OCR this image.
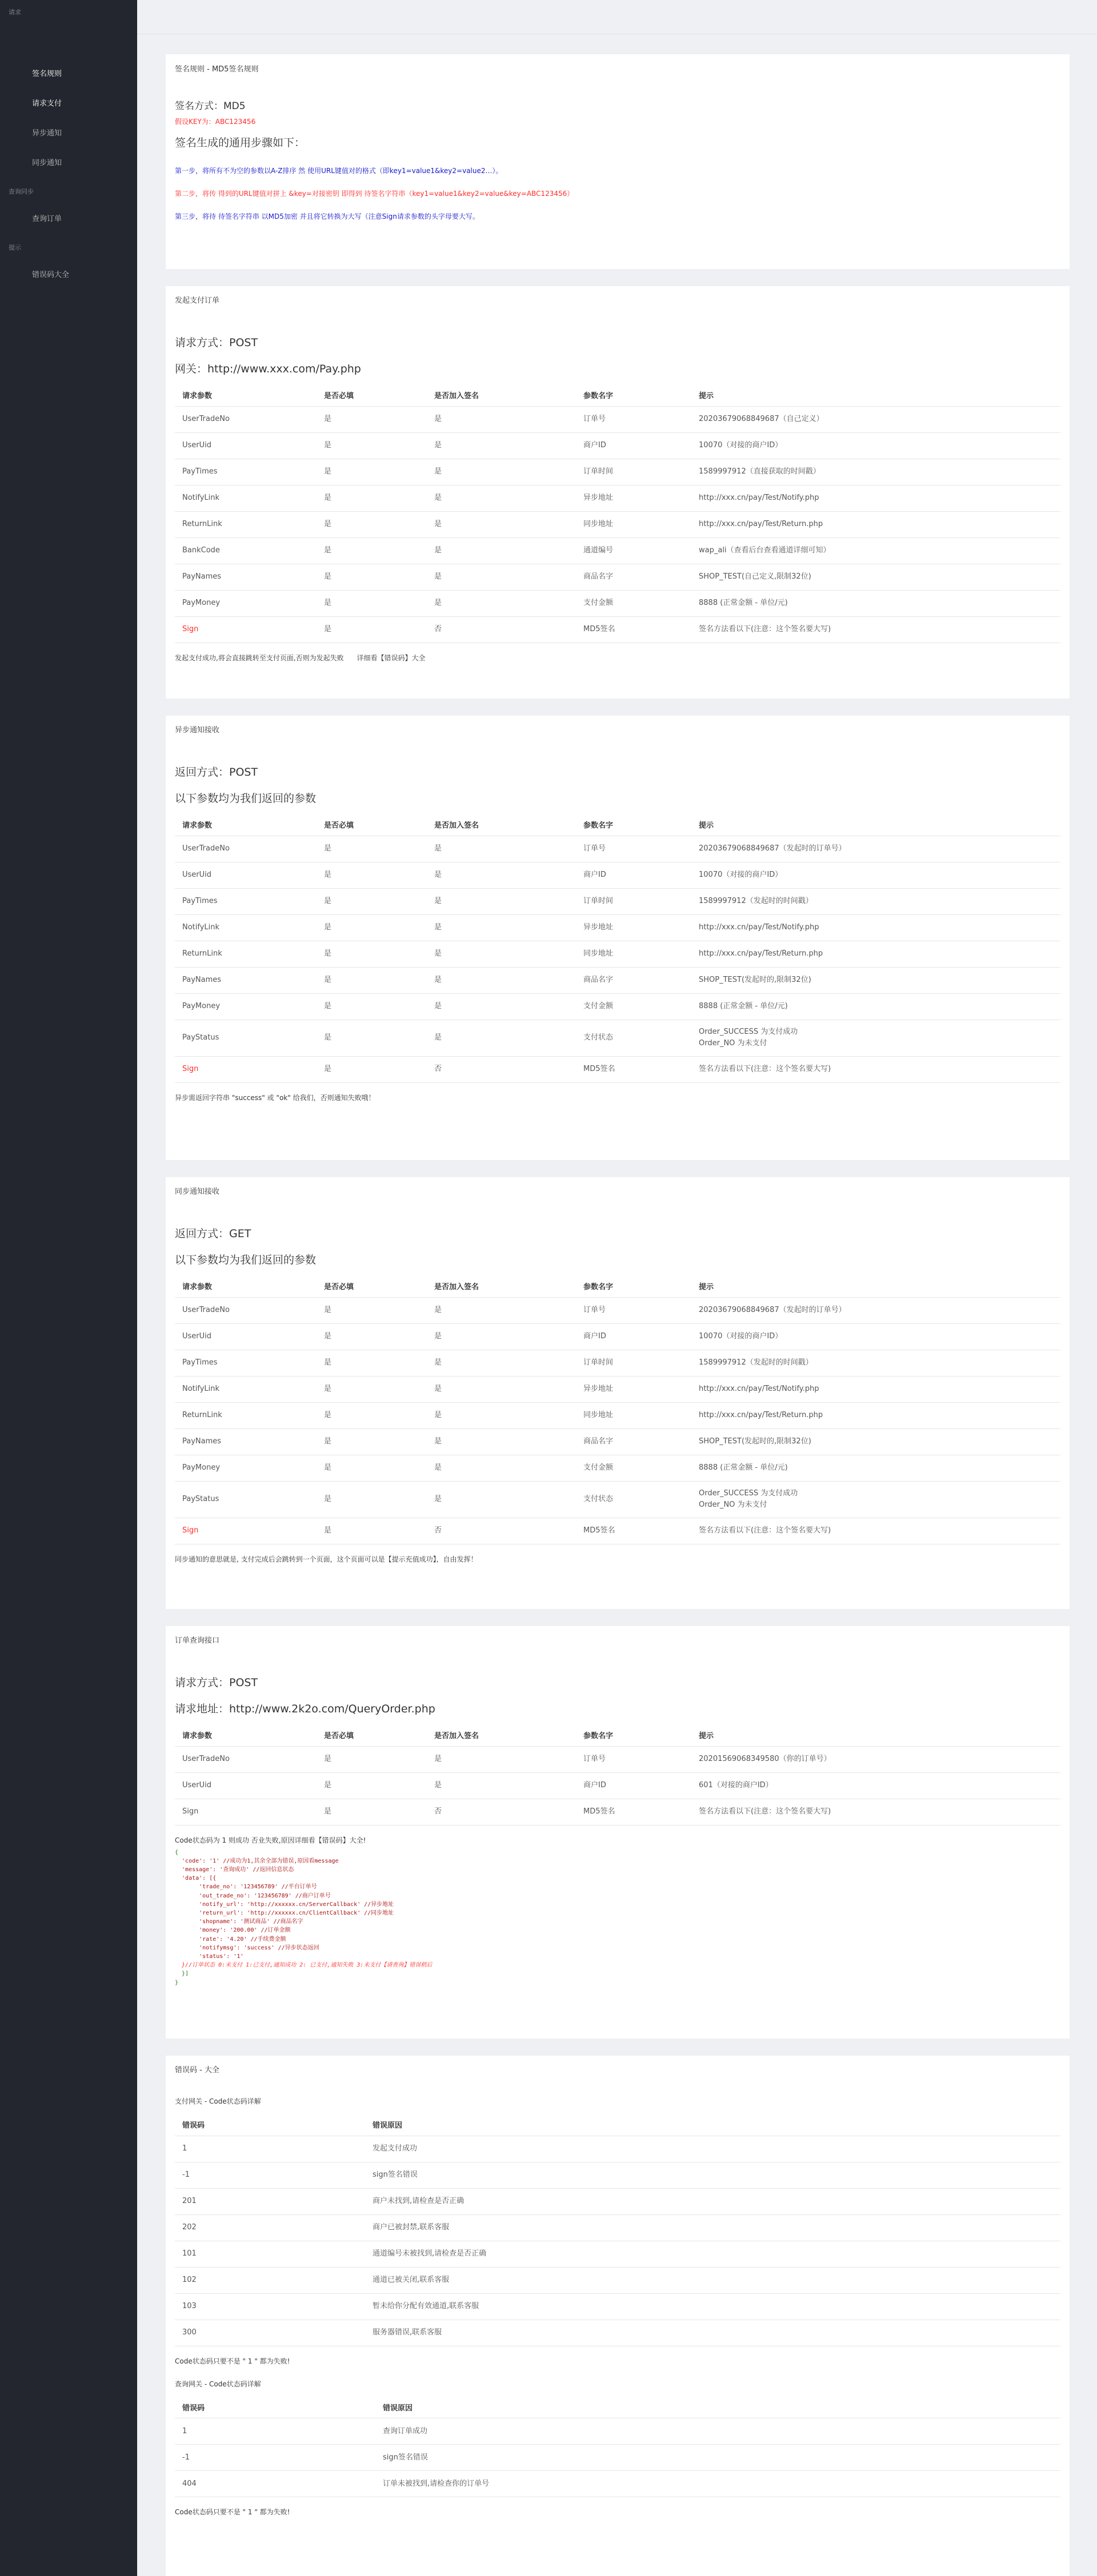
请求
签名规则
请求支付
异步通知
同步通知
查询同步
查询订单
提示
错误码大全
签名规则 - MD5签名规则
签名方式：MD5
假设KEY为：ABC123456
签名生成的通用步骤如下：
第一步，将所有不为空的参数以A-Z排序 然 使用URL键值对的格式（即key1=value1&key2=value2…）。
第二步，将传 得到的URL键值对拼上 &key=对接密钥 即得到 待签名字符串（key1=value1&key2=value&key=ABC123456）
第三步，将待 待签名字符串 以MD5加密 并且将它转换为大写（注意Sign请求参数的头字母要大写。
发起支付订单
请求方式：POST
网关：http://www.xxx.com/Pay.php
请求参数	是否必填	是否加入签名	参数名字	提示
UserTradeNo	是	是	订单号	20203679068849687（自己定义）
UserUid	是	是	商户ID	10070（对接的商户ID）
PayTimes	是	是	订单时间	1589997912（直接获取的时间戳）
NotifyLink	是	是	异步地址	http://xxx.cn/pay/Test/Notify.php
ReturnLink	是	是	同步地址	http://xxx.cn/pay/Test/Return.php
BankCode	是	是	通道编号	wap_ali（查看后台查看通道详细可知）
PayNames	是	是	商品名字	SHOP_TEST(自己定义,限制32位)
PayMoney	是	是	支付金额	8888 (正常金额 - 单位/元)
Sign	是	否	MD5签名	签名方法看以下(注意：这个签名要大写)
发起支付成功,将会直接跳转至支付页面,否则为发起失败      详细看【错误码】大全
异步通知接收
返回方式：POST
以下参数均为我们返回的参数
请求参数	是否必填	是否加入签名	参数名字	提示
UserTradeNo	是	是	订单号	20203679068849687（发起时的订单号）
UserUid	是	是	商户ID	10070（对接的商户ID）
PayTimes	是	是	订单时间	1589997912（发起时的时间戳）
NotifyLink	是	是	异步地址	http://xxx.cn/pay/Test/Notify.php
ReturnLink	是	是	同步地址	http://xxx.cn/pay/Test/Return.php
PayNames	是	是	商品名字	SHOP_TEST(发起时的,限制32位)
PayMoney	是	是	支付金额	8888 (正常金额 - 单位/元)
PayStatus	是	是	支付状态	Order_SUCCESS 为支付成功
Order_NO 为未支付
Sign	是	否	MD5签名	签名方法看以下(注意：这个签名要大写)
异步需返回字符串 "success" 或 "ok" 给我们，否则通知失败哦！
同步通知接收
返回方式：GET
以下参数均为我们返回的参数
请求参数	是否必填	是否加入签名	参数名字	提示
UserTradeNo	是	是	订单号	20203679068849687（发起时的订单号）
UserUid	是	是	商户ID	10070（对接的商户ID）
PayTimes	是	是	订单时间	1589997912（发起时的时间戳）
NotifyLink	是	是	异步地址	http://xxx.cn/pay/Test/Notify.php
ReturnLink	是	是	同步地址	http://xxx.cn/pay/Test/Return.php
PayNames	是	是	商品名字	SHOP_TEST(发起时的,限制32位)
PayMoney	是	是	支付金额	8888 (正常金额 - 单位/元)
PayStatus	是	是	支付状态	Order_SUCCESS 为支付成功
Order_NO 为未支付
Sign	是	否	MD5签名	签名方法看以下(注意：这个签名要大写)
同步通知的意思就是, 支付完成后会跳转到一个页面，这个页面可以是【提示充值成功】，自由发挥！
订单查询接口
请求方式：POST
请求地址：http://www.2k2o.com/QueryOrder.php
请求参数	是否必填	是否加入签名	参数名字	提示
UserTradeNo	是	是	订单号	20201569068349580（你的订单号）
UserUid	是	是	商户ID	601（对接的商户ID）
Sign	是	否	MD5签名	签名方法看以下(注意：这个签名要大写)
Code状态码为 1 则成功 否业失败,原因详细看【错误码】大全!
{
'code': '1' //成功为1,其余全部为错误,原因看message
'message': '查询成功' //返回信息状态
'data': [{
'trade_no': '123456789' //平台订单号
'out_trade_no': '123456789' //商户订单号
'notify_url': 'http://xxxxxx.cn/ServerCallback' //异步地址
'return_url': 'http://xxxxxx.cn/ClientCallback' //同步地址
'shopname': '测试商品' //商品名字
'money': '200.00' //订单金额
'rate': '4.20' //手续费金额
'notifymsg': 'success' //异步状态返回
'status': '1'
}//订单状态 0:未支付 1:已支付,通知成功 2: 已支付,通知失败 3:未支付【请查询】错误稍后
}]
}
错误码 - 大全
支付网关 - Code状态码详解
错误码	错误原因
1	发起支付成功
-1	sign签名错误
201	商户未找到,请检查是否正确
202	商户已被封禁,联系客服
101	通道编号未被找到,请检查是否正确
102	通道已被关闭,联系客服
103	暂未给你分配有效通道,联系客服
300	服务器错误,联系客服
Code状态码只要不是 " 1 " 都为失败!
查询网关 - Code状态码详解
错误码	错误原因
1	查询订单成功
-1	sign签名错误
404	订单未被找到,请检查你的订单号
Code状态码只要不是 " 1 " 都为失败!
